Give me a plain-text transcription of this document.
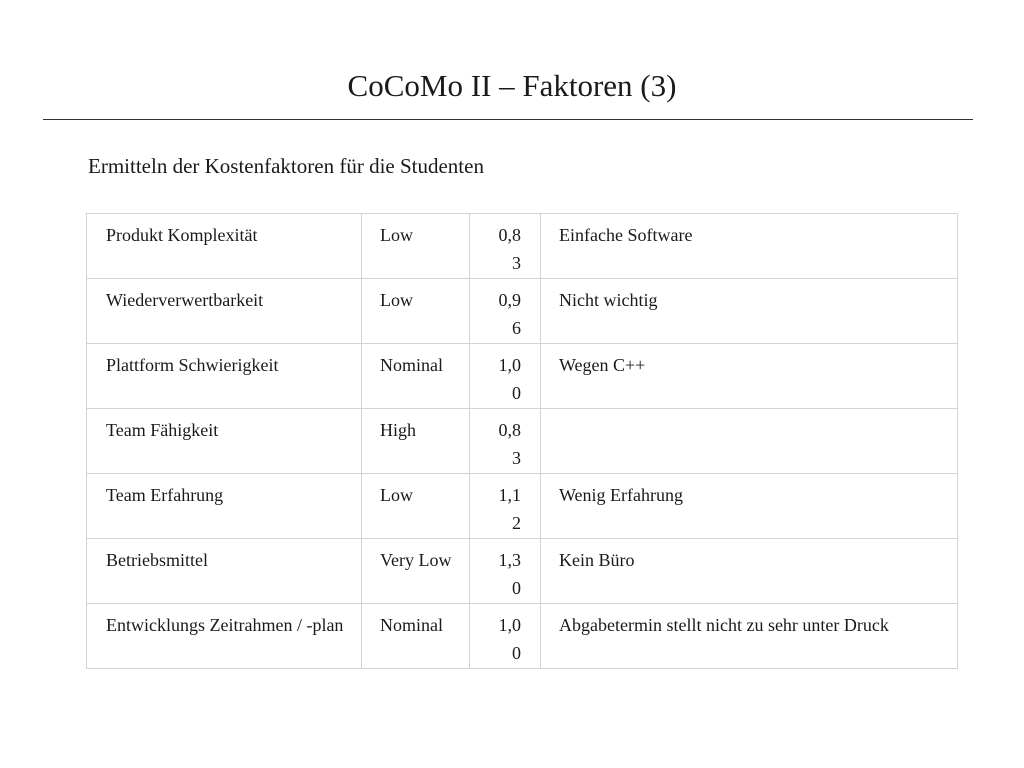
CoCoMo II – Faktoren (3)

Ermitteln der Kostenfaktoren für die Studenten

Produkt Komplexität	Low	0,83	Einfache Software
Wiederverwertbarkeit	Low	0,96	Nicht wichtig
Plattform Schwierigkeit	Nominal	1,00	Wegen C++
Team Fähigkeit	High	0,83	
Team Erfahrung	Low	1,12	Wenig Erfahrung
Betriebsmittel	Very Low	1,30	Kein Büro
Entwicklungs Zeitrahmen / -plan	Nominal	1,00	Abgabetermin stellt nicht zu sehr unter Druck
